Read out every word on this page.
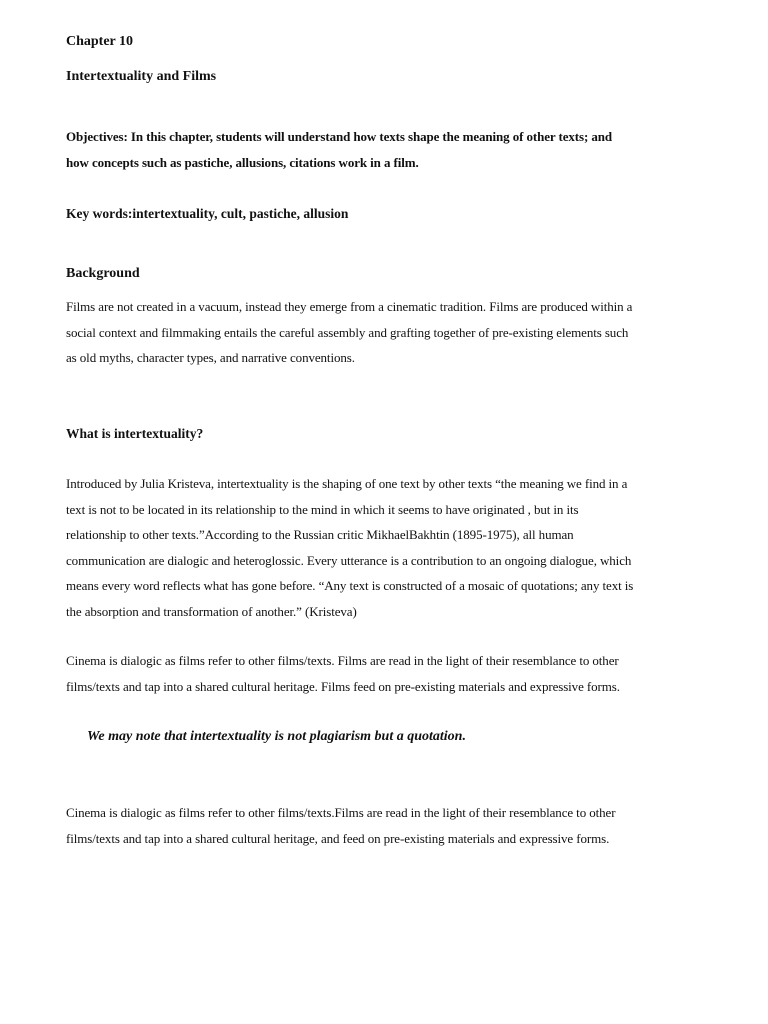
Chapter 10
Intertextuality and Films
Objectives: In this chapter, students will understand how texts shape the meaning of other texts; and
how concepts such as pastiche, allusions, citations work in a film.
Key words:intertextuality, cult, pastiche, allusion
Background
Films are not created in a vacuum, instead they emerge from a cinematic tradition. Films are produced within a
social context and filmmaking entails the careful assembly and grafting together of pre-existing elements such
as old myths, character types, and narrative conventions.
What is intertextuality?
Introduced by Julia Kristeva, intertextuality is the shaping of one text by other texts “the meaning we find in a
text is not to be located in its relationship to the mind in which it seems to have originated , but in its
relationship to other texts.”According to the Russian critic MikhaelBakhtin (1895-1975), all human
communication are dialogic and heteroglossic. Every utterance is a contribution to an ongoing dialogue, which
means every word reflects what has gone before. “Any text is constructed of a mosaic of quotations; any text is
the absorption and transformation of another.” (Kristeva)
Cinema is dialogic as films refer to other films/texts. Films are read in the light of their resemblance to other
films/texts and tap into a shared cultural heritage. Films feed on pre-existing materials and expressive forms.
We may note that intertextuality is not plagiarism but a quotation.
Cinema is dialogic as films refer to other films/texts.Films are read in the light of their resemblance to other
films/texts and tap into a shared cultural heritage, and feed on pre-existing materials and expressive forms.
